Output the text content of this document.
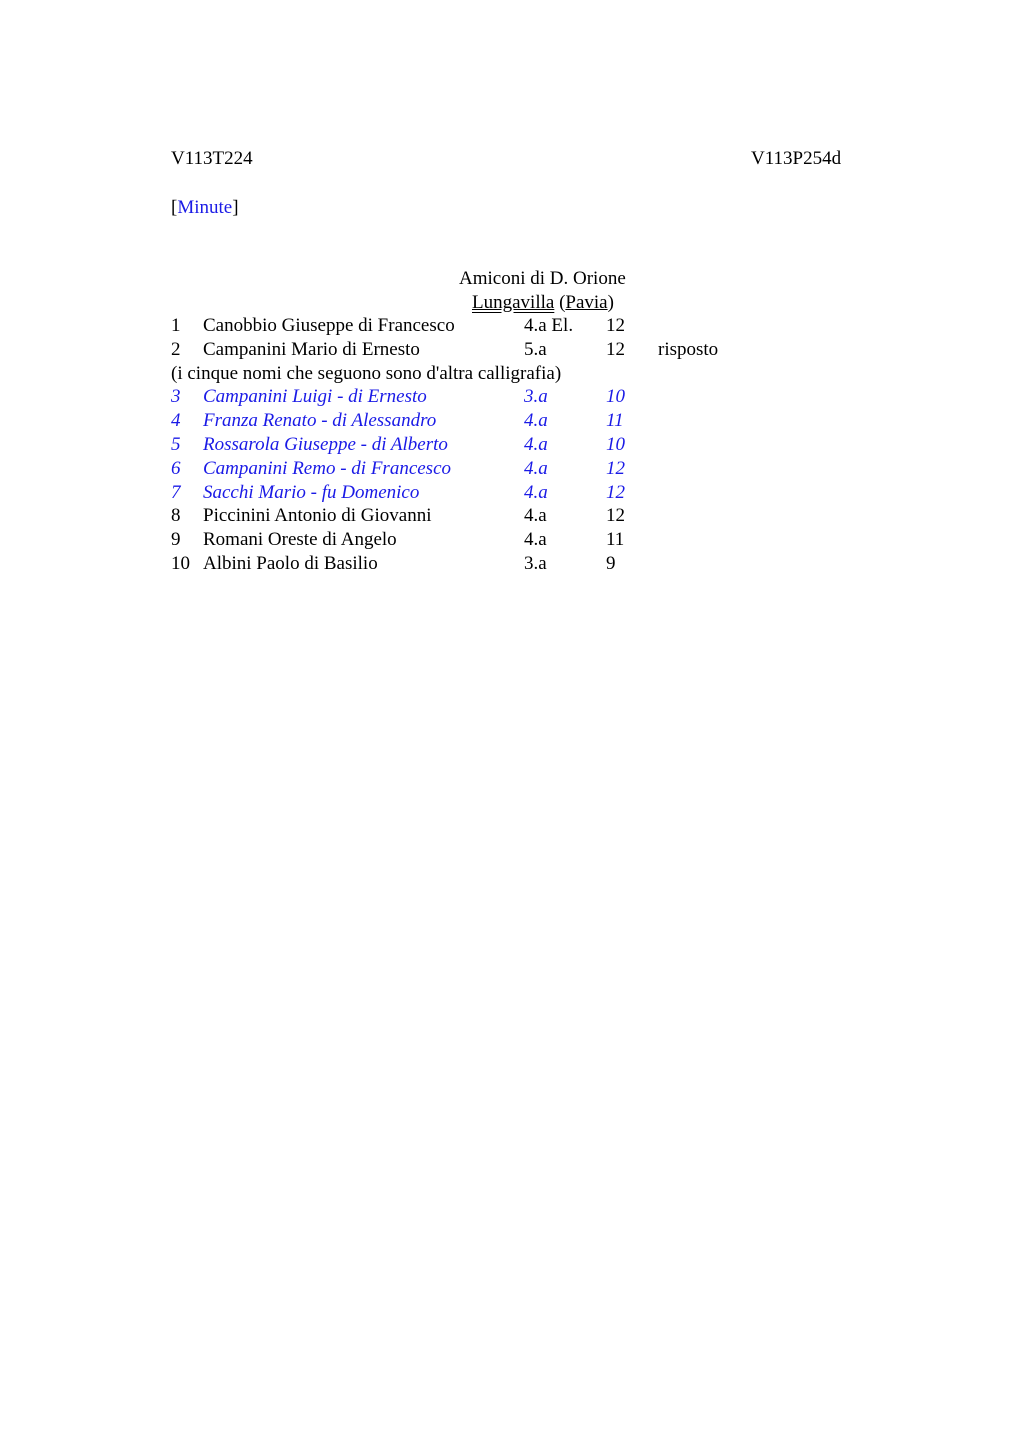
V113T224	V113P254d
[Minute]
Amiconi di D. Orione
Lungavilla (Pavia)
1 Canobbio Giuseppe di Francesco	4.a El. 12
2 Campanini Mario di Ernesto	5.a	12 risposto
(i cinque nomi che seguono sono d'altra calligrafia)
3 Campanini Luigi - di Ernesto	3.a	10
4 Franza Renato - di Alessandro	4.a	11
5 Rossarola Giuseppe - di Alberto	4.a	10
6 Campanini Remo - di Francesco	4.a	12
7 Sacchi Mario - fu Domenico	4.a	12
8 Piccinini Antonio di Giovanni	4.a	12
9 Romani Oreste di Angelo	4.a	11
10 Albini Paolo di Basilio	3.a	9
